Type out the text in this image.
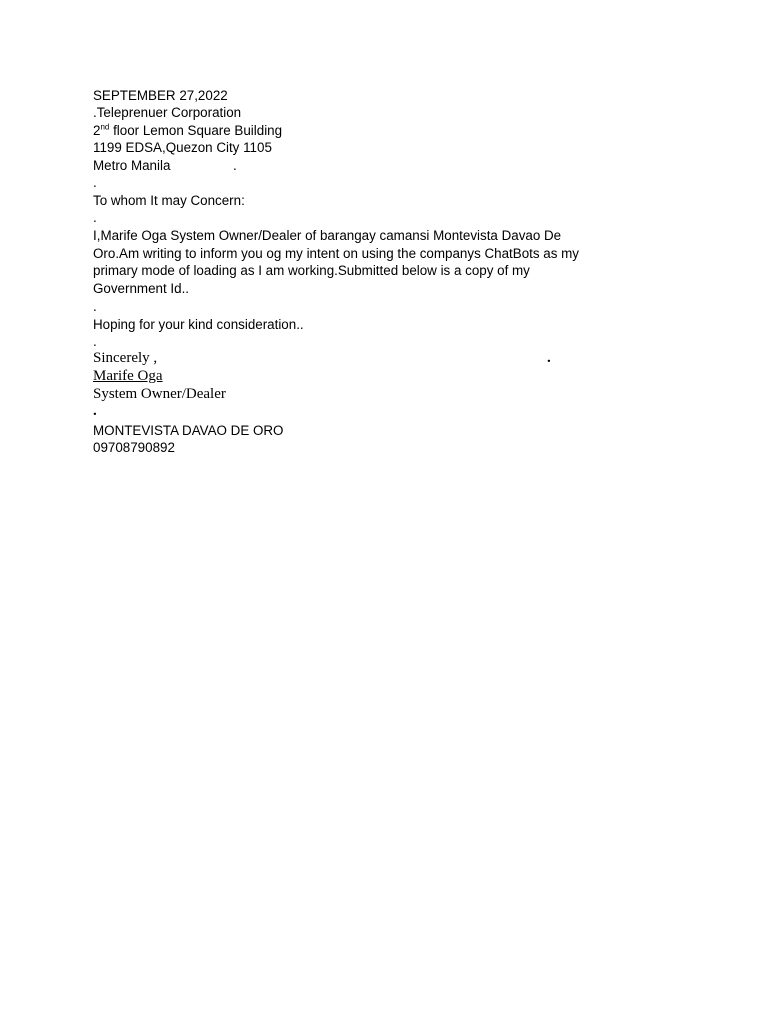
SEPTEMBER 27,2022
.Teleprenuer Corporation
2nd floor Lemon Square Building
1199 EDSA,Quezon City 1105
Metro Manila	.
.
To whom It may Concern:
.
I,Marife Oga System Owner/Dealer of barangay camansi Montevista Davao De
Oro.Am writing to inform you og my intent on using the companys ChatBots as my
primary mode of loading as I am working.Submitted below is a copy of my
Government Id..
.
Hoping for your kind consideration..
.
Sincerely ,	.
Marife Oga
System Owner/Dealer
.
MONTEVISTA DAVAO DE ORO
09708790892
